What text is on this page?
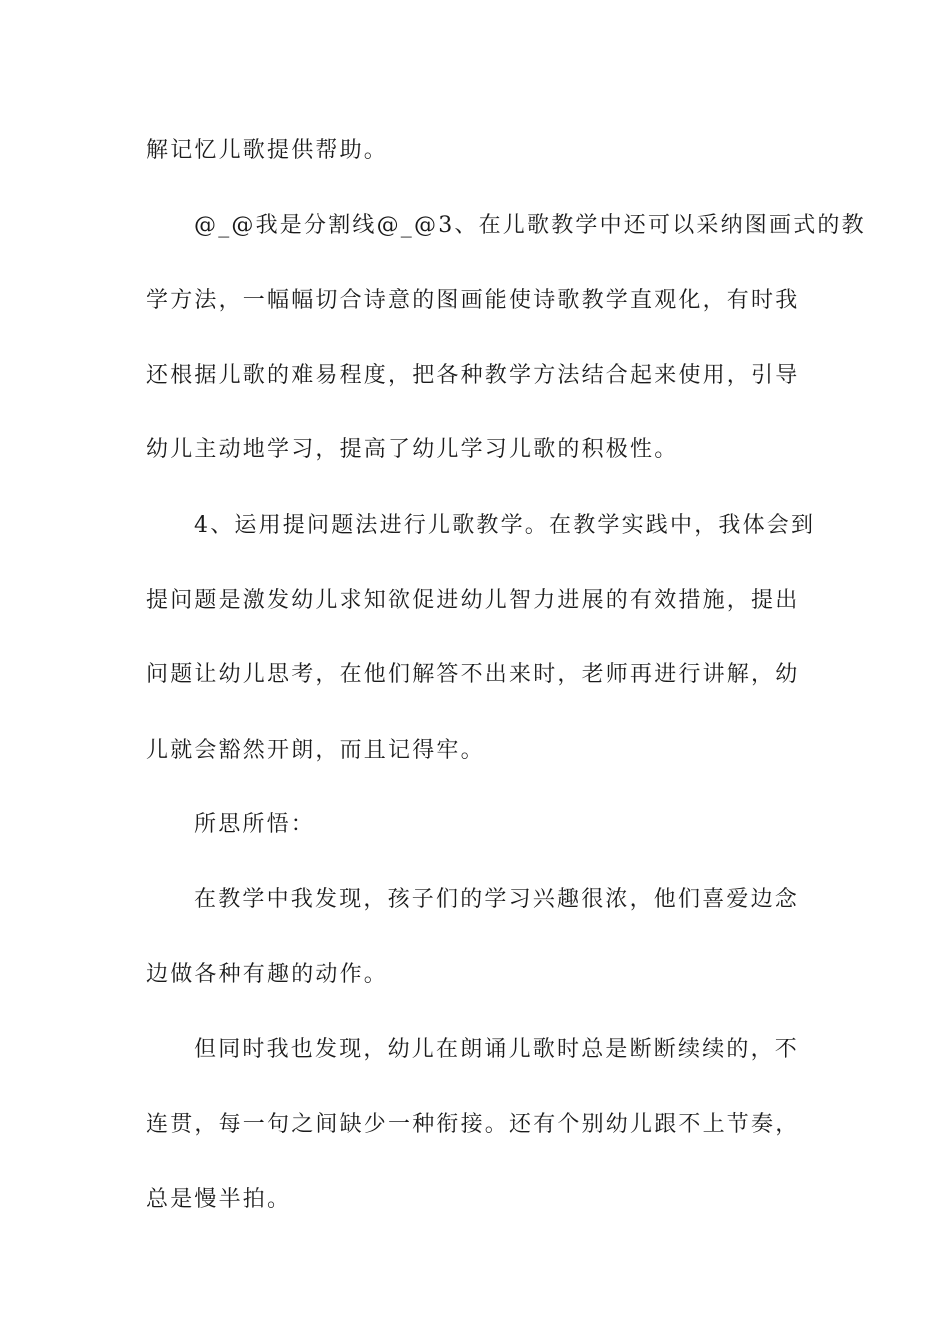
解记忆儿歌提供帮助。
@_@我是分割线@_@3、在儿歌教学中还可以采纳图画式的教
学方法，一幅幅切合诗意的图画能使诗歌教学直观化，有时我
还根据儿歌的难易程度，把各种教学方法结合起来使用，引导
幼儿主动地学习，提高了幼儿学习儿歌的积极性。
4、运用提问题法进行儿歌教学。在教学实践中，我体会到
提问题是激发幼儿求知欲促进幼儿智力进展的有效措施，提出
问题让幼儿思考，在他们解答不出来时，老师再进行讲解，幼
儿就会豁然开朗，而且记得牢。
所思所悟：
在教学中我发现，孩子们的学习兴趣很浓，他们喜爱边念
边做各种有趣的动作。
但同时我也发现，幼儿在朗诵儿歌时总是断断续续的，不
连贯，每一句之间缺少一种衔接。还有个别幼儿跟不上节奏，
总是慢半拍。
